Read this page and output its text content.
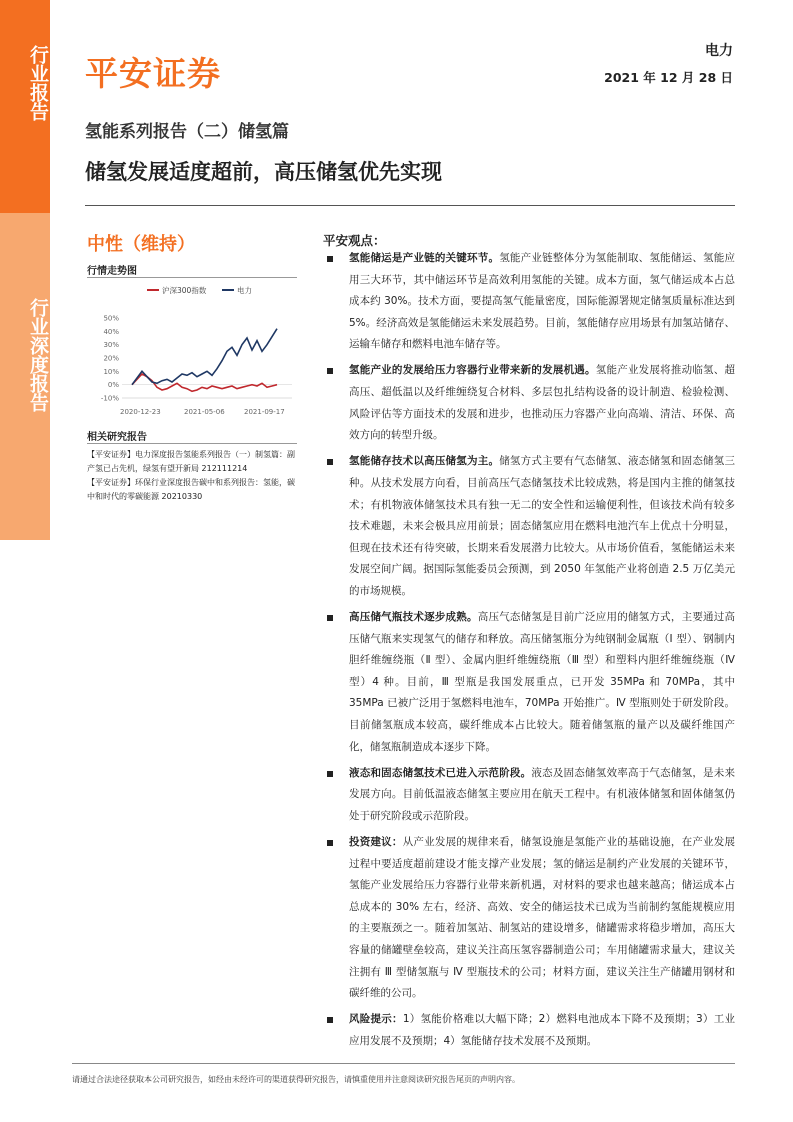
行业报告
行业深度报告
平安证券
电力
2021 年 12 月 28 日
氢能系列报告（二）储氢篇
储氢发展适度超前，高压储氢优先实现
中性（维持）
行情走势图
沪深300指数	电力
50%
40%
30%
20%
10%
0%
-10%
2020-12-23	2021-05-06	2021-09-17
相关研究报告

【平安证券】电力深度报告氢能系列报告（一）制氢篇：副产氢已占先机，绿氢有望开新局 212111214

【平安证券】环保行业深度报告碳中和系列报告：氢能，碳中和时代的零碳能源 20210330

平安观点：
氢能储运是产业链的关键环节。氢能产业链整体分为氢能制取、氢能储运、氢能应用三大环节，其中储运环节是高效利用氢能的关键。成本方面，氢气储运成本占总成本约 30%。技术方面，要提高氢气能量密度，国际能源署规定储氢质量标准达到 5%。经济高效是氢能储运未来发展趋势。目前，氢能储存应用场景有加氢站储存、运输车储存和燃料电池车储存等。
氢能产业的发展给压力容器行业带来新的发展机遇。氢能产业发展将推动临氢、超高压、超低温以及纤维缠绕复合材料、多层包扎结构设备的设计制造、检验检测、风险评估等方面技术的发展和进步，也推动压力容器产业向高端、清洁、环保、高效方向的转型升级。
氢能储存技术以高压储氢为主。储氢方式主要有气态储氢、液态储氢和固态储氢三种。从技术发展方向看，目前高压气态储氢技术比较成熟，将是国内主推的储氢技术；有机物液体储氢技术具有独一无二的安全性和运输便利性，但该技术尚有较多技术难题，未来会极具应用前景；固态储氢应用在燃料电池汽车上优点十分明显，但现在技术还有待突破，长期来看发展潜力比较大。从市场价值看，氢能储运未来发展空间广阔。据国际氢能委员会预测，到 2050 年氢能产业将创造 2.5 万亿美元的市场规模。
高压储气瓶技术逐步成熟。高压气态储氢是目前广泛应用的储氢方式，主要通过高压储气瓶来实现氢气的储存和释放。高压储氢瓶分为纯钢制金属瓶（Ⅰ 型）、钢制内胆纤维缠绕瓶（Ⅱ 型）、金属内胆纤维缠绕瓶（Ⅲ 型）和塑料内胆纤维缠绕瓶（Ⅳ 型）4 种。目前，Ⅲ 型瓶是我国发展重点，已开发 35MPa 和 70MPa，其中 35MPa 已被广泛用于氢燃料电池车，70MPa 开始推广。Ⅳ 型瓶则处于研发阶段。目前储氢瓶成本较高，碳纤维成本占比较大。随着储氢瓶的量产以及碳纤维国产化，储氢瓶制造成本逐步下降。
液态和固态储氢技术已进入示范阶段。液态及固态储氢效率高于气态储氢，是未来发展方向。目前低温液态储氢主要应用在航天工程中。有机液体储氢和固体储氢仍处于研究阶段或示范阶段。
投资建议：从产业发展的规律来看，储氢设施是氢能产业的基础设施，在产业发展过程中要适度超前建设才能支撑产业发展；氢的储运是制约产业发展的关键环节，氢能产业发展给压力容器行业带来新机遇，对材料的要求也越来越高；储运成本占总成本的 30% 左右，经济、高效、安全的储运技术已成为当前制约氢能规模应用的主要瓶颈之一。随着加氢站、制氢站的建设增多，储罐需求将稳步增加，高压大容量的储罐壁垒较高，建议关注高压氢容器制造公司；车用储罐需求量大，建议关注拥有 Ⅲ 型储氢瓶与 Ⅳ 型瓶技术的公司；材料方面，建议关注生产储罐用钢材和碳纤维的公司。
风险提示：1）氢能价格难以大幅下降；2）燃料电池成本下降不及预期；3）工业应用发展不及预期；4）氢能储存技术发展不及预期。
请通过合法途径获取本公司研究报告，如经由未经许可的渠道获得研究报告，请慎重使用并注意阅读研究报告尾页的声明内容。
